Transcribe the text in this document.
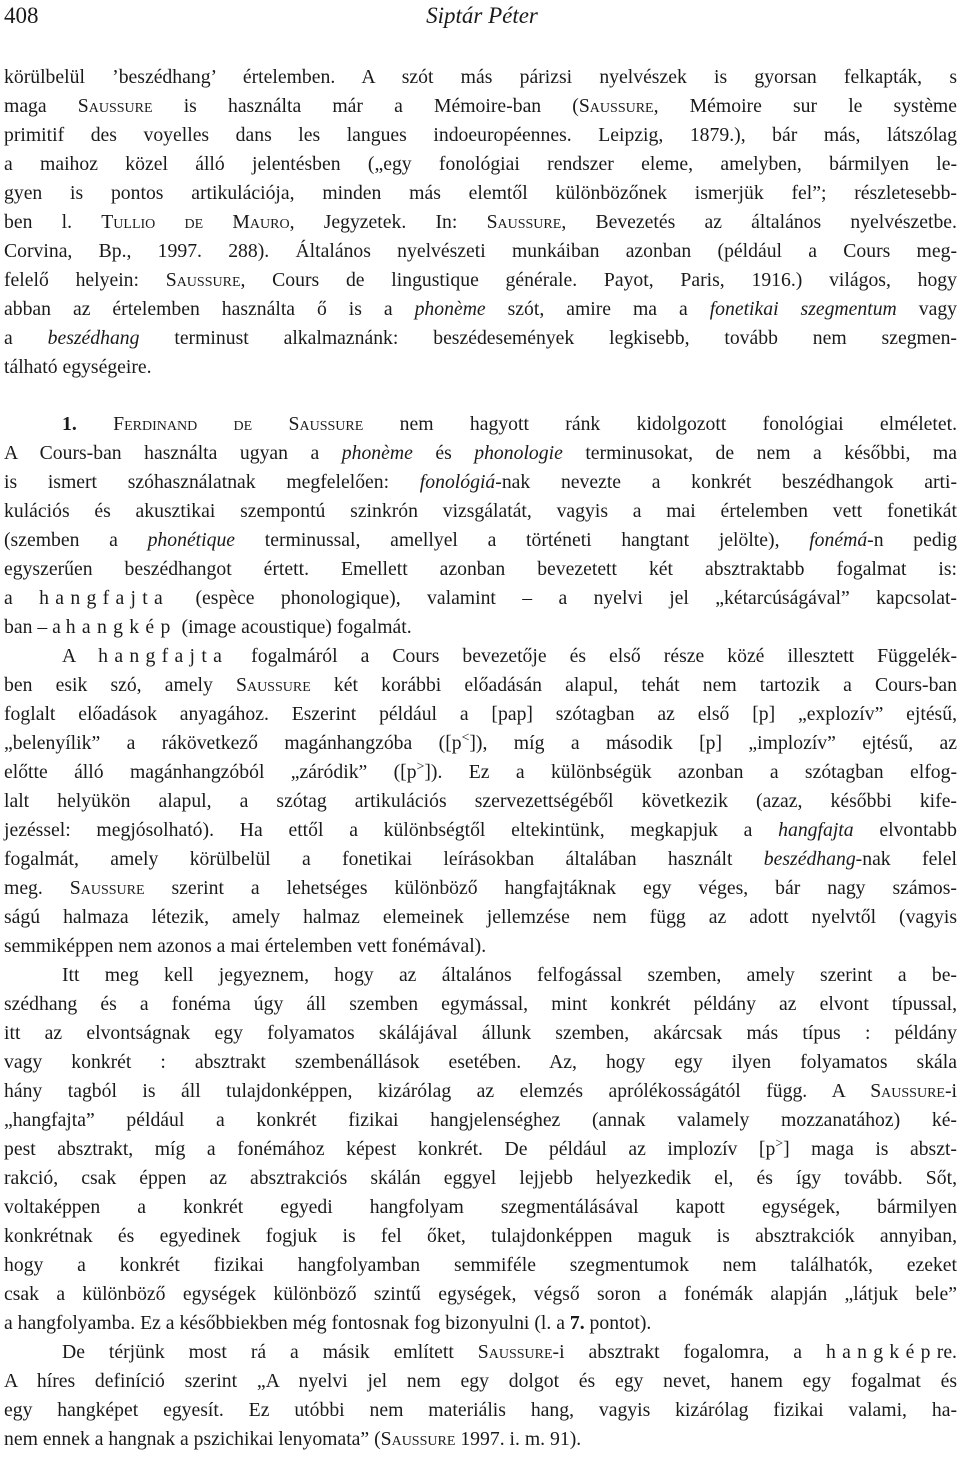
408	Siptár Péter
körülbelül ’beszédhang’ értelemben. A szót más párizsi nyelvészek is gyorsan felkapták, s
maga Saussure is használta már a Mémoire-ban (Saussure, Mémoire sur le système
primitif des voyelles dans les langues indoeuropéennes. Leipzig, 1879.), bár más, látszólag
a maihoz közel álló jelentésben („egy fonológiai rendszer eleme, amelyben, bármilyen le-
gyen is pontos artikulációja, minden más elemtől különbözőnek ismerjük fel”; részletesebb-
ben l. Tullio de Mauro, Jegyzetek. In: Saussure, Bevezetés az általános nyelvészetbe.
Corvina, Bp., 1997. 288). Általános nyelvészeti munkáiban azonban (például a Cours meg-
felelő helyein: Saussure, Cours de lingustique générale. Payot, Paris, 1916.) világos, hogy
abban az értelemben használta ő is a phonème szót, amire ma a fonetikai szegmentum vagy
a beszédhang terminust alkalmaznánk: beszédesemények legkisebb, tovább nem szegmen-
tálható egységeire.
1. Ferdinand de Saussure nem hagyott ránk kidolgozott fonológiai elméletet.
A Cours-ban használta ugyan a phonème és phonologie terminusokat, de nem a későbbi, ma
is ismert szóhasználatnak megfelelően: fonológiá-nak nevezte a konkrét beszédhangok arti-
kulációs és akusztikai szempontú szinkrón vizsgálatát, vagyis a mai értelemben vett fonetikát
(szemben a phonétique terminussal, amellyel a történeti hangtant jelölte), fonémá-n pedig
egyszerűen beszédhangot értett. Emellett azonban bevezetett két absztraktabb fogalmat is:
a hangfajta (espèce phonologique), valamint – a nyelvi jel „kétarcúságával” kapcsolat-
ban – a hangkép (image acoustique) fogalmát.
A hangfajta fogalmáról a Cours bevezetője és első része közé illesztett Függelék-
ben esik szó, amely Saussure két korábbi előadásán alapul, tehát nem tartozik a Cours-ban
foglalt előadások anyagához. Eszerint például a [pap] szótagban az első [p] „explozív” ejtésű,
„belenyílik” a rákövetkező magánhangzóba ([p<]), míg a második [p] „implozív” ejtésű, az
előtte álló magánhangzóból „záródik” ([p>]). Ez a különbségük azonban a szótagban elfog-
lalt helyükön alapul, a szótag artikulációs szervezettségéből következik (azaz, későbbi kife-
jezéssel: megjósolható). Ha ettől a különbségtől eltekintünk, megkapjuk a hangfajta elvontabb
fogalmát, amely körülbelül a fonetikai leírásokban általában használt beszédhang-nak felel
meg. Saussure szerint a lehetséges különböző hangfajtáknak egy véges, bár nagy számos-
ságú halmaza létezik, amely halmaz elemeinek jellemzése nem függ az adott nyelvtől (vagyis
semmiképpen nem azonos a mai értelemben vett fonémával).
Itt meg kell jegyeznem, hogy az általános felfogással szemben, amely szerint a be-
szédhang és a fonéma úgy áll szemben egymással, mint konkrét példány az elvont típussal,
itt az elvontságnak egy folyamatos skálájával állunk szemben, akárcsak más típus : példány
vagy konkrét : absztrakt szembenállások esetében. Az, hogy egy ilyen folyamatos skála
hány tagból is áll tulajdonképpen, kizárólag az elemzés aprólékosságától függ. A Saussure-i
„hangfajta” például a konkrét fizikai hangjelenséghez (annak valamely mozzanatához) ké-
pest absztrakt, míg a fonémához képest konkrét. De például az implozív [p>] maga is abszt-
rakció, csak éppen az absztrakciós skálán eggyel lejjebb helyezkedik el, és így tovább. Sőt,
voltaképpen a konkrét egyedi hangfolyam szegmentálásával kapott egységek, bármilyen
konkrétnak és egyedinek fogjuk is fel őket, tulajdonképpen maguk is absztrakciók annyiban,
hogy a konkrét fizikai hangfolyamban semmiféle szegmentumok nem találhatók, ezeket
csak a különböző egységek különböző szintű egységek, végső soron a fonémák alapján „látjuk bele”
a hangfolyamba. Ez a későbbiekben még fontosnak fog bizonyulni (l. a 7. pontot).
De térjünk most rá a másik említett Saussure-i absztrakt fogalomra, a hangképre.
A híres definíció szerint „A nyelvi jel nem egy dolgot és egy nevet, hanem egy fogalmat és
egy hangképet egyesít. Ez utóbbi nem materiális hang, vagyis kizárólag fizikai valami, ha-
nem ennek a hangnak a pszichikai lenyomata” (Saussure 1997. i. m. 91).
